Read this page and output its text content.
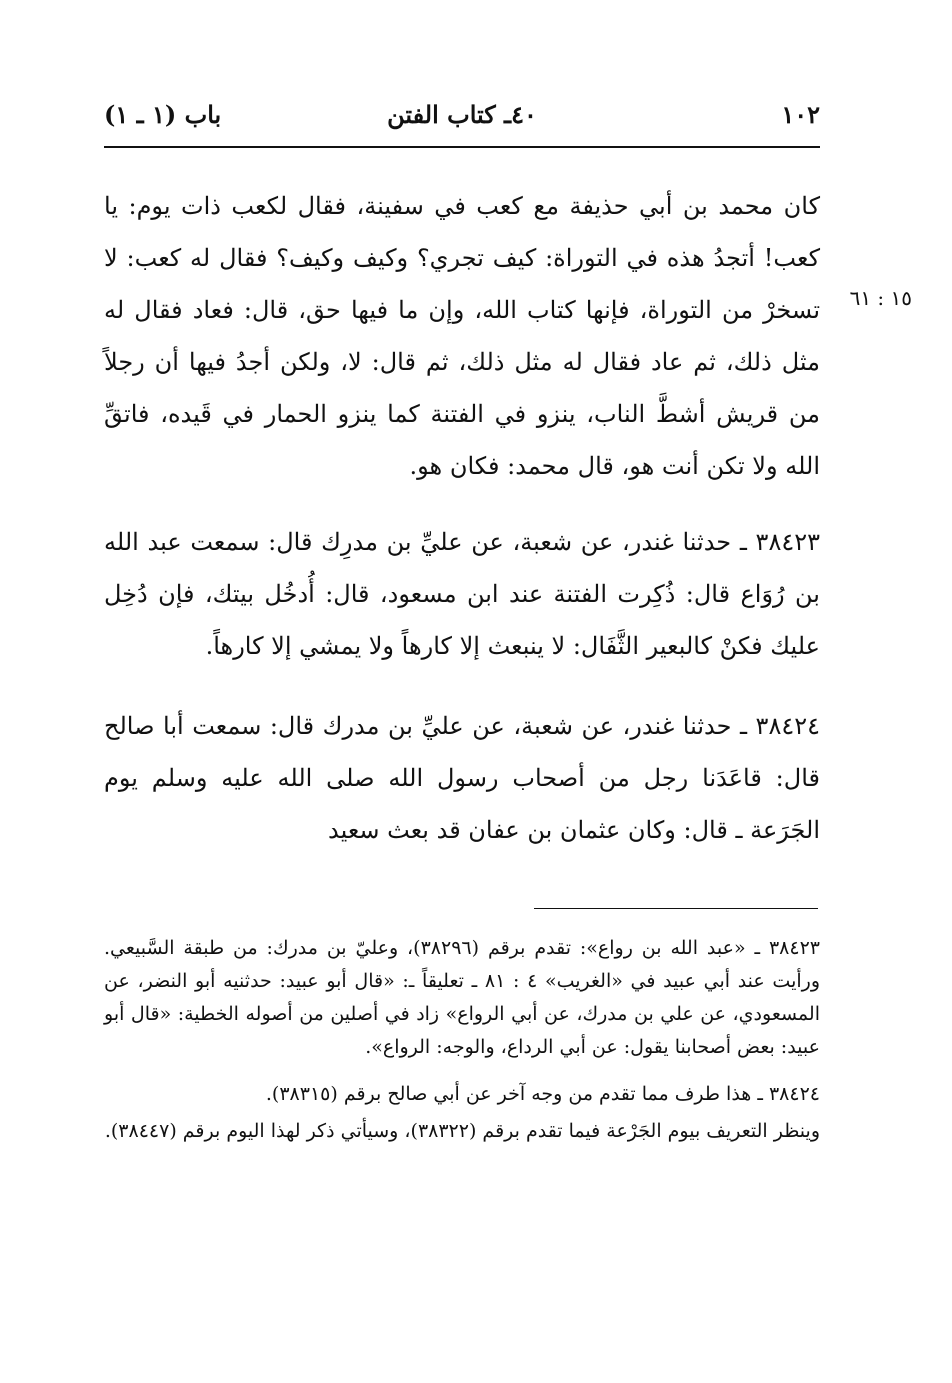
١٠٢
٤٠ـ كتاب الفتن
باب (١ ـ ١)
١٥ : ٦١

كان محمد بن أبي حذيفة مع كعب في سفينة، فقال لكعب ذات يوم: يا كعب! أتجدُ هذه في التوراة: كيف تجري؟ وكيف وكيف؟ فقال له كعب: لا تسخرْ من التوراة، فإنها كتاب الله، وإن ما فيها حق، قال: فعاد فقال له مثل ذلك، ثم عاد فقال له مثل ذلك، ثم قال: لا، ولكن أجدُ فيها أن رجلاً من قريش أشطَّ الناب، ينزو في الفتنة كما ينزو الحمار في قَيده، فاتقِّ الله ولا تكن أنت هو، قال محمد: فكان هو.

٣٨٤٢٣ ـ حدثنا غندر، عن شعبة، عن عليِّ بن مدرِك قال: سمعت عبد الله بن رُوَاع قال: ذُكِرت الفتنة عند ابن مسعود، قال: أُدخُل بيتك، فإن دُخِل عليك فكنْ كالبعير الثَّفَال: لا ينبعث إلا كارهاً ولا يمشي إلا كارهاً.

٣٨٤٢٤ ـ حدثنا غندر، عن شعبة، عن عليِّ بن مدرك قال: سمعت أبا صالح قال: قاعَدَنا رجل من أصحاب رسول الله صلى الله عليه وسلم يوم الجَرَعة ـ قال: وكان عثمان بن عفان قد بعث سعيد

٣٨٤٢٣ ـ «عبد الله بن رواع»: تقدم برقم (٣٨٢٩٦)، وعليّ بن مدرك: من طبقة السَّبيعي. ورأيت عند أبي عبيد في «الغريب» ٤ : ٨١ ـ تعليقاً ـ: «قال أبو عبيد: حدثنيه أبو النضر، عن المسعودي، عن علي بن مدرك، عن أبي الرواع» زاد في أصلين من أصوله الخطية: «قال أبو عبيد: بعض أصحابنا يقول: عن أبي الرداع، والوجه: الرواع».

٣٨٤٢٤ ـ هذا طرف مما تقدم من وجه آخر عن أبي صالح برقم (٣٨٣١٥).

وينظر التعريف بيوم الجَرْعة فيما تقدم برقم (٣٨٣٢٢)، وسيأتي ذكر لهذا اليوم برقم (٣٨٤٤٧).
